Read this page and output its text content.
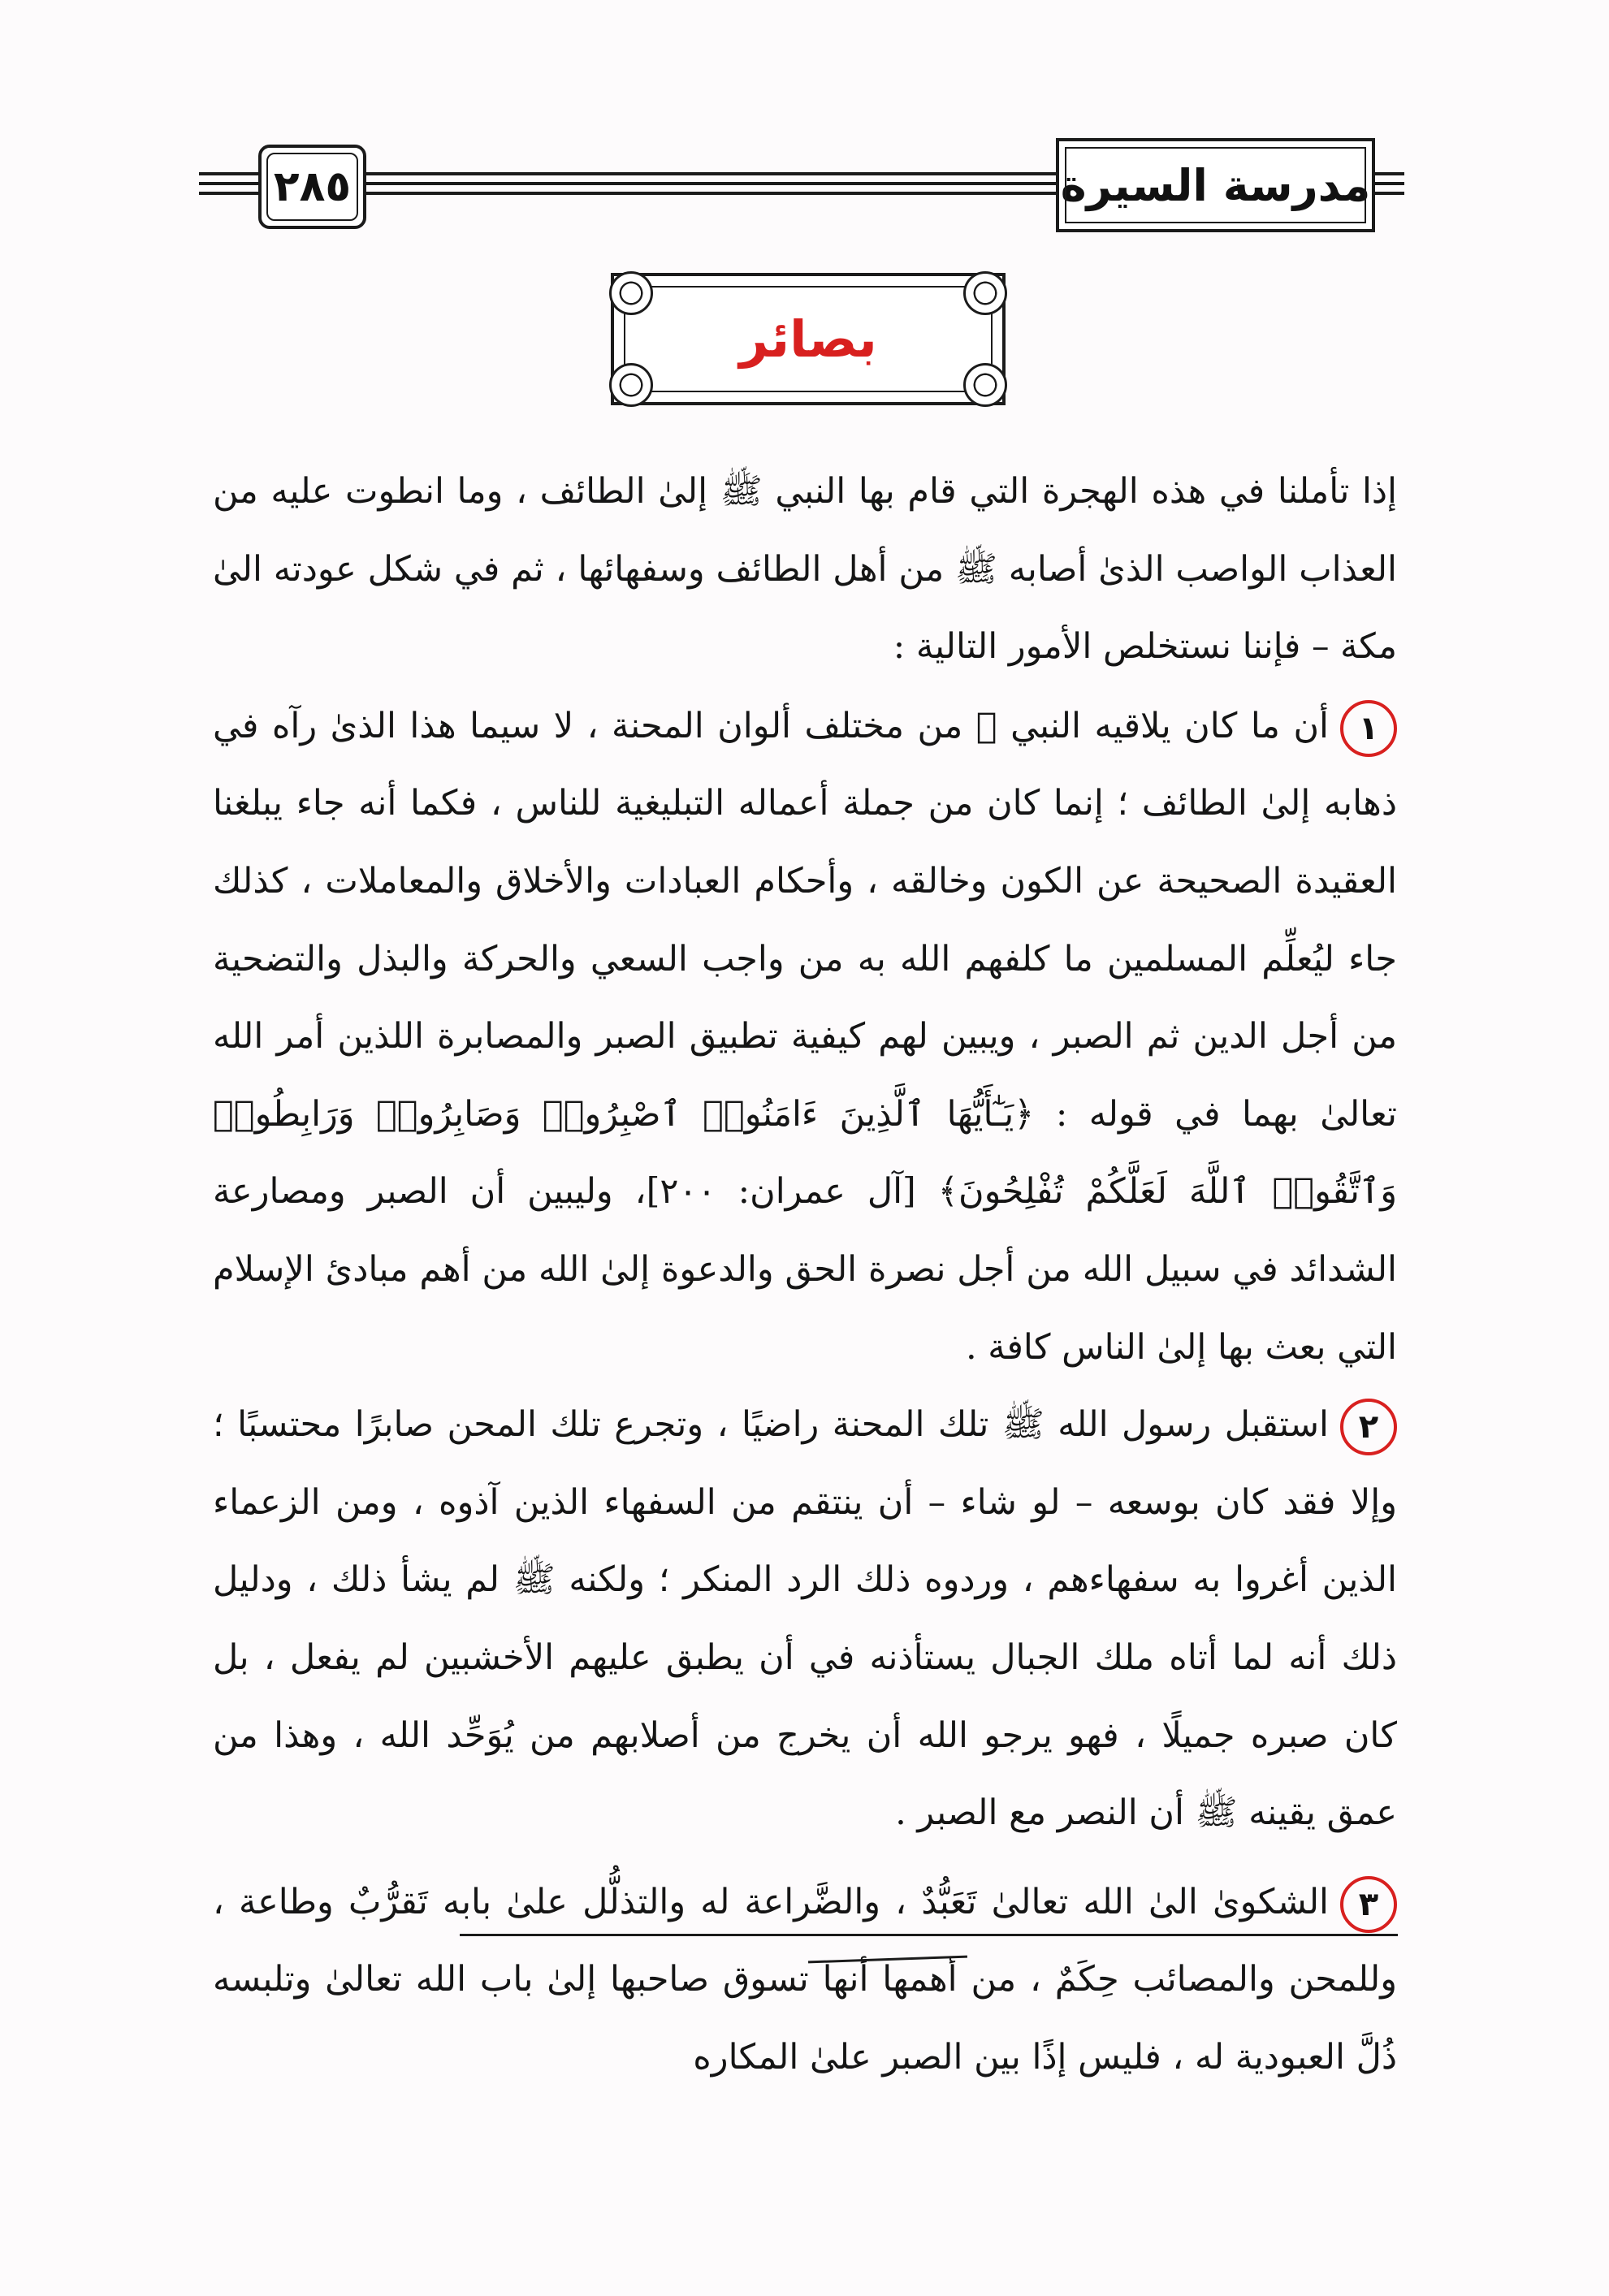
٢٨٥	مدرسة السيرة
بصائر

إذا تأملنا في هذه الهجرة التي قام بها النبي ﷺ إلىٰ الطائف ، وما انطوت عليه من العذاب الواصب الذىٰ أصابه ﷺ من أهل الطائف وسفهائها ، ثم في شكل عودته الىٰ مكة – فإننا نستخلص الأمور التالية :

١أن ما كان يلاقيه النبي ﷺ من مختلف ألوان المحنة ، لا سيما هذا الذىٰ رآه في ذهابه إلىٰ الطائف ؛ إنما كان من جملة أعماله التبليغية للناس ، فكما أنه جاء يبلغنا العقيدة الصحيحة عن الكون وخالقه ، وأحكام العبادات والأخلاق والمعاملات ، كذلك جاء ليُعلِّم المسلمين ما كلفهم الله به من واجب السعي والحركة والبذل والتضحية من أجل الدين ثم الصبر ، ويبين لهم كيفية تطبيق الصبر والمصابرة اللذين أمر الله تعالىٰ بهما في قوله : ﴿يَـٰٓأَيُّهَا ٱلَّذِينَ ءَامَنُوا۟ ٱصْبِرُوا۟ وَصَابِرُوا۟ وَرَابِطُوا۟ وَٱتَّقُوا۟ ٱللَّهَ لَعَلَّكُمْ تُفْلِحُونَ﴾ [آل عمران: ٢٠٠]، وليبين أن الصبر ومصارعة الشدائد في سبيل الله من أجل نصرة الحق والدعوة إلىٰ الله من أهم مبادئ الإسلام التي بعث بها إلىٰ الناس كافة .

٢استقبل رسول الله ﷺ تلك المحنة راضيًا ، وتجرع تلك المحن صابرًا محتسبًا ؛ وإلا فقد كان بوسعه – لو شاء – أن ينتقم من السفهاء الذين آذوه ، ومن الزعماء الذين أغروا به سفهاءهم ، وردوه ذلك الرد المنكر ؛ ولكنه ﷺ لم يشأ ذلك ، ودليل ذلك أنه لما أتاه ملك الجبال يستأذنه في أن يطبق عليهم الأخشبين لم يفعل ، بل كان صبره جميلًا ، فهو يرجو الله أن يخرج من أصلابهم من يُوَحِّد الله ، وهذا من عمق يقينه ﷺ أن النصر مع الصبر .

٣الشكوىٰ الىٰ الله تعالىٰ تَعَبُّدٌ ، والضَّراعة له والتذلُّل علىٰ بابه تَقرُّبٌ وطاعة ، وللمحن والمصائب حِكَمٌ ، من أهمها أنها تسوق صاحبها إلىٰ باب الله تعالىٰ وتلبسه ذُلَّ العبودية له ، فليس إذًا بين الصبر علىٰ المكاره
